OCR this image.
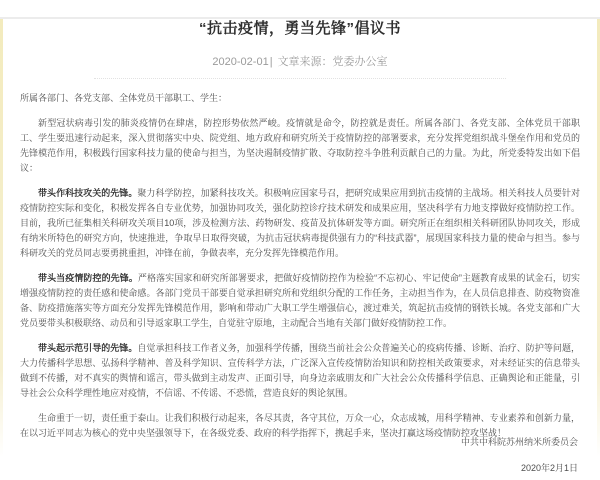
“抗击疫情，勇当先锋”倡议书
2020-02-01| 文章来源：党委办公室

所属各部门、各党支部、全体党员干部职工、学生：

新型冠状病毒引发的肺炎疫情仍在肆虐，防控形势依然严峻。疫情就是命令，防控就是责任。所属各部门、各党支部、全体党员干部职工、学生要迅速行动起来，深入贯彻落实中央、院党组、地方政府和研究所关于疫情防控的部署要求，充分发挥党组织战斗堡垒作用和党员的先锋模范作用，积极践行国家科技力量的使命与担当，为坚决遏制疫情扩散、夺取防控斗争胜利贡献自己的力量。为此，所党委特发出如下倡议：

带头作科技攻关的先锋。聚力科学防控，加紧科技攻关。积极响应国家号召，把研究成果应用到抗击疫情的主战场。相关科技人员要针对疫情防控实际和变化，积极发挥各自专业优势，加强协同攻关，强化防控诊疗技术研发和成果应用，坚决科学有力地支撑做好疫情防控工作。目前，我所已征集相关科研攻关项目10项，涉及检测方法、药物研发、疫苗及抗体研发等方面。研究所正在组织相关科研团队协同攻关，形成有纳米所特色的研究方向，快速推进，争取早日取得突破，为抗击冠状病毒提供强有力的“科技武器”，展现国家科技力量的使命与担当。参与科研攻关的党员同志要勇挑重担，冲锋在前，争做表率，充分发挥先锋模范作用。

带头当疫情防控的先锋。严格落实国家和研究所部署要求，把做好疫情防控作为检验“不忘初心、牢记使命”主题教育成果的试金石，切实增强疫情防控的责任感和使命感。各部门党员干部要自觉承担研究所和党组织分配的工作任务，主动担当作为，在人员信息排查、防疫物资准备、防疫措施落实等方面充分发挥先锋模范作用，影响和带动广大职工学生增强信心，渡过难关，筑起抗击疫情的钢铁长城。各党支部和广大党员要带头积极联络、动员和引导返家职工学生，自觉驻守原地，主动配合当地有关部门做好疫情防控工作。

带头起示范引导的先锋。自觉承担科技工作者义务，加强科学传播，围绕当前社会公众普遍关心的疫病传播、诊断、治疗、防护等问题，大力传播科学思想、弘扬科学精神、普及科学知识、宣传科学方法，广泛深入宣传疫情防治知识和防控相关政策要求，对未经证实的信息带头做到不传播，对不真实的舆情和谣言，带头做到主动发声、正面引导，向身边亲戚朋友和广大社会公众传播科学信息、正确舆论和正能量，引导社会公众科学理性地应对疫情，不信谣、不传谣、不恐慌，营造良好的舆论氛围。

生命重于一切，责任重于泰山。让我们积极行动起来，各尽其责，各守其位，万众一心，众志成城，用科学精神、专业素养和创新力量，在以习近平同志为核心的党中央坚强领导下，在各级党委、政府的科学指挥下，携起手来，坚决打赢这场疫情防控攻坚战！

中共中科院苏州纳米所委员会
2020年2月1日
